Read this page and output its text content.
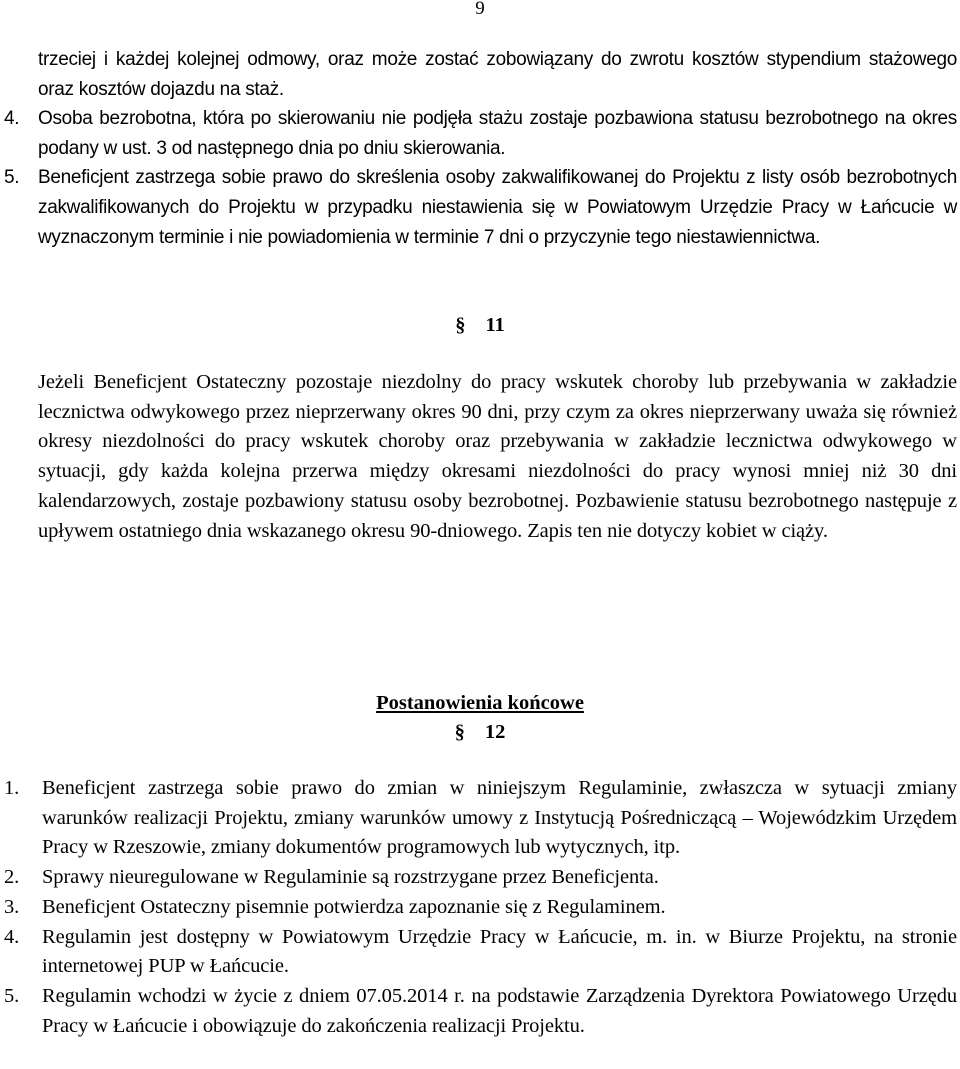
9
trzeciej i każdej kolejnej odmowy, oraz może zostać zobowiązany do zwrotu kosztów stypendium stażowego oraz kosztów dojazdu na staż.
4. Osoba bezrobotna, która po skierowaniu nie podjęła stażu zostaje pozbawiona statusu bezrobotnego na okres podany w ust. 3 od następnego dnia po dniu skierowania.
5. Beneficjent zastrzega sobie prawo do skreślenia osoby zakwalifikowanej do Projektu z listy osób bezrobotnych zakwalifikowanych do Projektu w przypadku niestawienia się w Powiatowym Urzędzie Pracy w Łańcucie w wyznaczonym terminie i nie powiadomienia w terminie 7 dni o przyczynie tego niestawiennictwa.
§ 11
Jeżeli Beneficjent Ostateczny pozostaje niezdolny do pracy wskutek choroby lub przebywania w zakładzie lecznictwa odwykowego przez nieprzerwany okres 90 dni, przy czym za okres nieprzerwany uważa się również okresy niezdolności do pracy wskutek choroby oraz przebywania w zakładzie lecznictwa odwykowego w sytuacji, gdy każda kolejna przerwa między okresami niezdolności do pracy wynosi mniej niż 30 dni kalendarzowych, zostaje pozbawiony statusu osoby bezrobotnej. Pozbawienie statusu bezrobotnego następuje z upływem ostatniego dnia wskazanego okresu 90-dniowego. Zapis ten nie dotyczy kobiet w ciąży.
Postanowienia końcowe
§ 12
1. Beneficjent zastrzega sobie prawo do zmian w niniejszym Regulaminie, zwłaszcza w sytuacji zmiany warunków realizacji Projektu, zmiany warunków umowy z Instytucją Pośredniczącą – Wojewódzkim Urzędem Pracy w Rzeszowie, zmiany dokumentów programowych lub wytycznych, itp.
2. Sprawy nieuregulowane w Regulaminie są rozstrzygane przez Beneficjenta.
3. Beneficjent Ostateczny pisemnie potwierdza zapoznanie się z Regulaminem.
4. Regulamin jest dostępny w Powiatowym Urzędzie Pracy w Łańcucie, m. in. w Biurze Projektu, na stronie internetowej PUP w Łańcucie.
5. Regulamin wchodzi w życie z dniem 07.05.2014 r. na podstawie Zarządzenia Dyrektora Powiatowego Urzędu Pracy w Łańcucie i obowiązuje do zakończenia realizacji Projektu.
